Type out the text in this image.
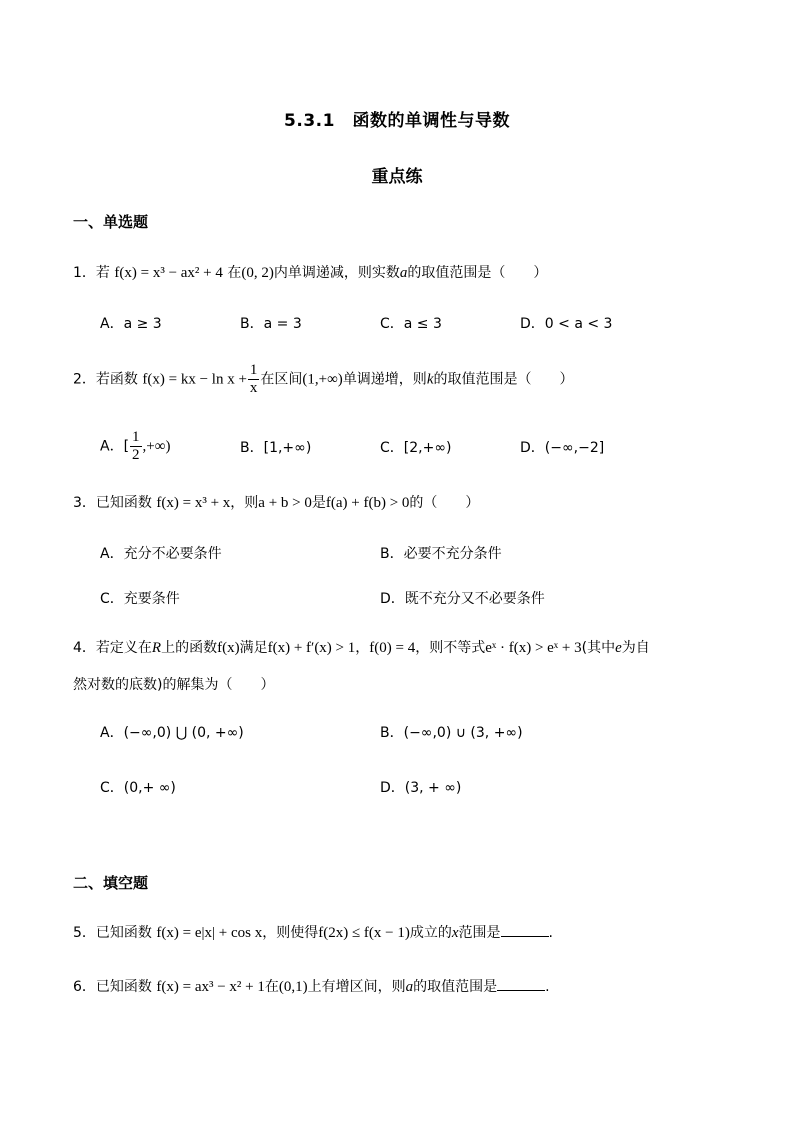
5.3.1　函数的单调性与导数
重点练
一、单选题
1．若 f(x) = x³ − ax² + 4 在(0, 2)内单调递减，则实数a的取值范围是（　　）
A．a ≥ 3	B．a = 3	C．a ≤ 3	D．0 < a < 3
2．若函数 f(x) = kx − $\ln x + \frac{1}{x}$ 在区间(1,+∞)单调递增，则k的取值范围是（　　）
A．[ $\frac{1}{2}$ ,+∞)	B．[1,+∞)	C．[2,+∞)	D．(−∞,−2]
3．已知函数 f(x) = x³ + x，则a + b > 0是f(a) + f(b) > 0的（　　）
A．充分不必要条件	B．必要不充分条件
C．充要条件	D．既不充分又不必要条件
4．若定义在R上的函数f(x)满足f(x) + f′(x) > 1，f(0) = 4，则不等式eˣ · f(x) > eˣ + 3(其中e为自
然对数的底数)的解集为（　　）
A．(−∞,0) ⋃ (0, +∞)	B．(−∞,0) ∪ (3, +∞)
C．(0,+ ∞)	D．(3, + ∞)
二、填空题
5．已知函数 f(x) = e|x| + cos x，则使得f(2x) ≤ f(x − 1)成立的x范围是	.
6．已知函数 f(x) = ax³ − x² + 1在(0,1)上有增区间，则a的取值范围是	.
